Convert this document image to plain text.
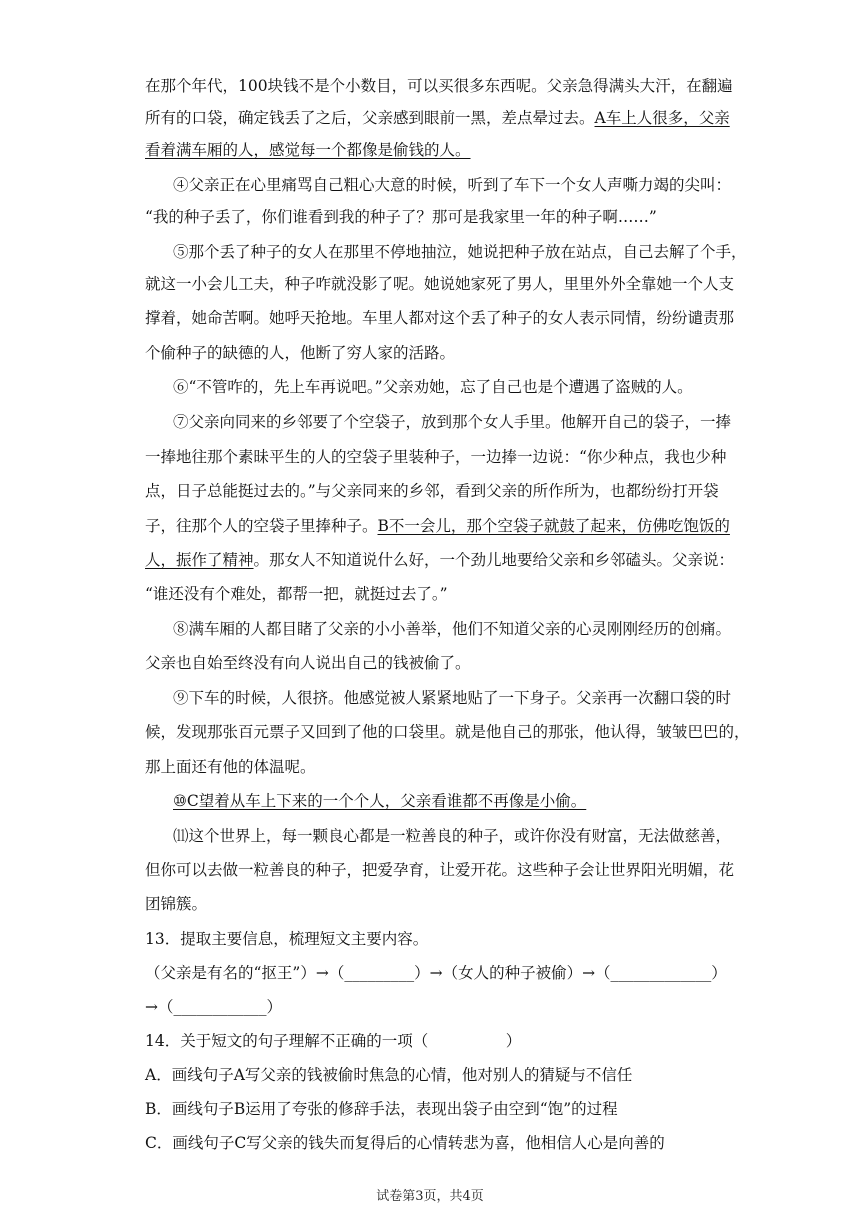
在那个年代，100块钱不是个小数目，可以买很多东西呢。父亲急得满头大汗，在翻遍
所有的口袋，确定钱丢了之后，父亲感到眼前一黑，差点晕过去。A车上人很多，父亲
看着满车厢的人，感觉每一个都像是偷钱的人。
④父亲正在心里痛骂自己粗心大意的时候，听到了车下一个女人声嘶力竭的尖叫：
“我的种子丢了，你们谁看到我的种子了？那可是我家里一年的种子啊……”
⑤那个丢了种子的女人在那里不停地抽泣，她说把种子放在站点，自己去解了个手，
就这一小会儿工夫，种子咋就没影了呢。她说她家死了男人，里里外外全靠她一个人支
撑着，她命苦啊。她呼天抢地。车里人都对这个丢了种子的女人表示同情，纷纷谴责那
个偷种子的缺德的人，他断了穷人家的活路。
⑥“不管咋的，先上车再说吧。”父亲劝她，忘了自己也是个遭遇了盗贼的人。
⑦父亲向同来的乡邻要了个空袋子，放到那个女人手里。他解开自己的袋子，一捧
一捧地往那个素昧平生的人的空袋子里装种子，一边捧一边说：“你少种点，我也少种
点，日子总能挺过去的。”与父亲同来的乡邻，看到父亲的所作所为，也都纷纷打开袋
子，往那个人的空袋子里捧种子。B不一会儿，那个空袋子就鼓了起来，仿佛吃饱饭的
人，振作了精神。那女人不知道说什么好，一个劲儿地要给父亲和乡邻磕头。父亲说：
“谁还没有个难处，都帮一把，就挺过去了。”
⑧满车厢的人都目睹了父亲的小小善举，他们不知道父亲的心灵刚刚经历的创痛。
父亲也自始至终没有向人说出自己的钱被偷了。
⑨下车的时候，人很挤。他感觉被人紧紧地贴了一下身子。父亲再一次翻口袋的时
候，发现那张百元票子又回到了他的口袋里。就是他自己的那张，他认得，皱皱巴巴的，
那上面还有他的体温呢。
⑩C望着从车上下来的一个个人，父亲看谁都不再像是小偷。
⑾这个世界上，每一颗良心都是一粒善良的种子，或许你没有财富，无法做慈善，
但你可以去做一粒善良的种子，把爱孕育，让爱开花。这些种子会让世界阳光明媚，花
团锦簇。
13．提取主要信息，梳理短文主要内容。
（父亲是有名的“抠王”）→（_________）→（女人的种子被偷）→（_____________）
→（____________）
14．关于短文的句子理解不正确的一项（　　　　　）
A．画线句子A写父亲的钱被偷时焦急的心情，他对别人的猜疑与不信任
B．画线句子B运用了夸张的修辞手法，表现出袋子由空到“饱”的过程
C．画线句子C写父亲的钱失而复得后的心情转悲为喜，他相信人心是向善的
试卷第3页，共4页
